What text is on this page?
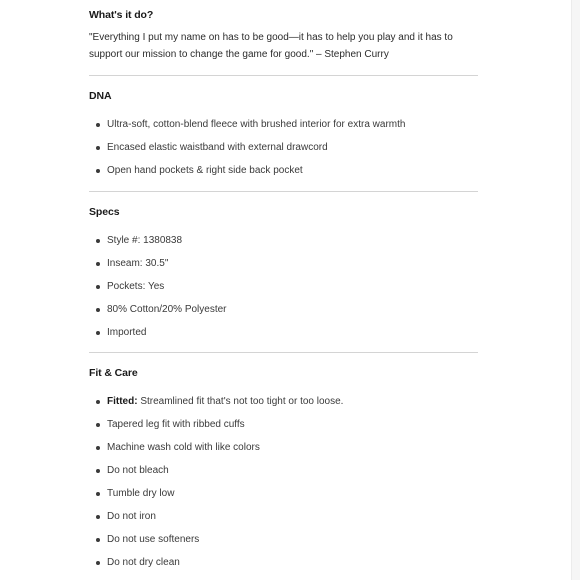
What's it do?

"Everything I put my name on has to be good—it has to help you play and it has to

support our mission to change the game for good." – Stephen Curry

DNA
Ultra-soft, cotton-blend fleece with brushed interior for extra warmth
Encased elastic waistband with external drawcord
Open hand pockets & right side back pocket
Specs
Style #: 1380838
Inseam: 30.5"
Pockets: Yes
80% Cotton/20% Polyester
Imported
Fit & Care
Fitted: Streamlined fit that's not too tight or too loose.
Tapered leg fit with ribbed cuffs
Machine wash cold with like colors
Do not bleach
Tumble dry low
Do not iron
Do not use softeners
Do not dry clean
